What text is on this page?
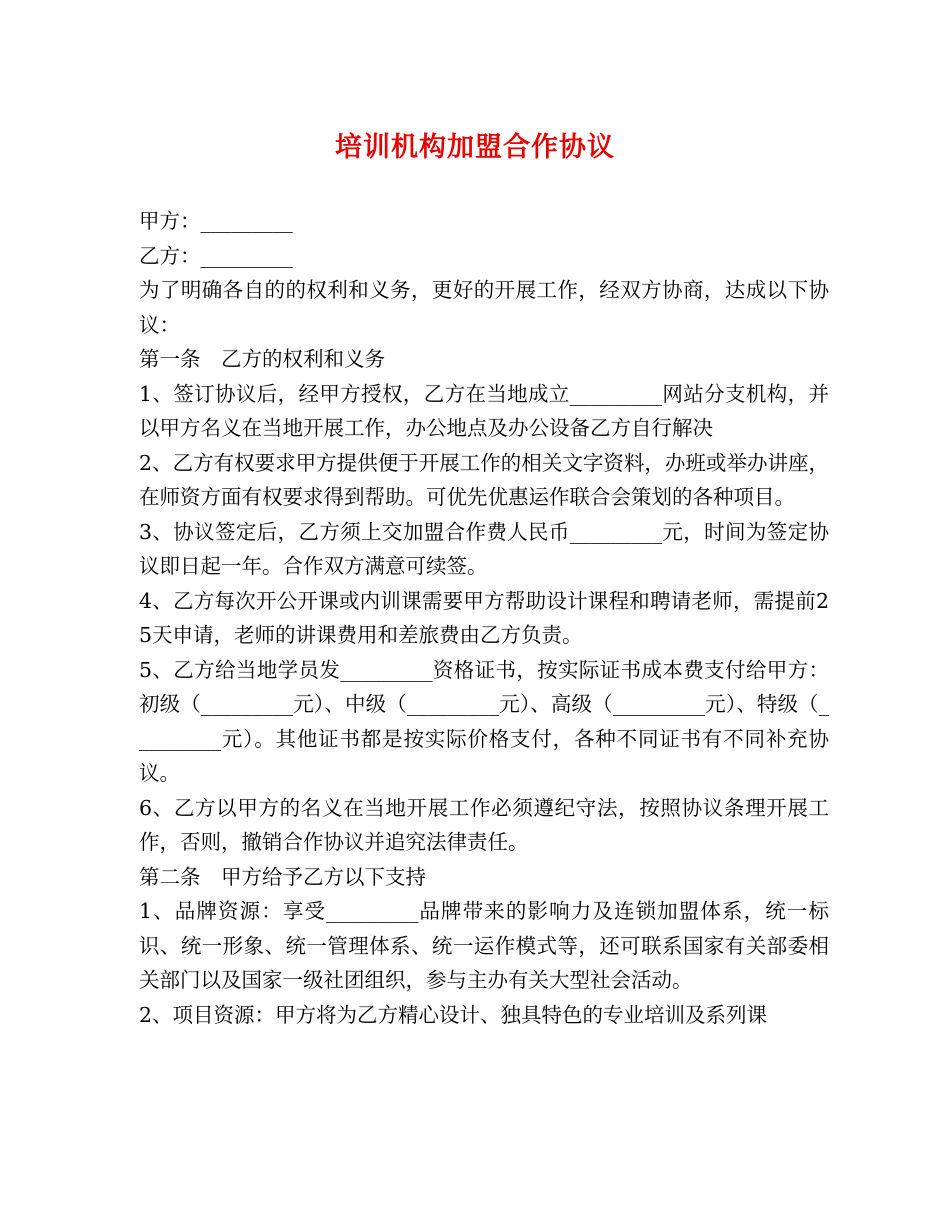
培训机构加盟合作协议

甲方：_________

乙方：_________

为了明确各自的的权利和义务，更好的开展工作，经双方协商，达成以下协议：

第一条　乙方的权利和义务

1、签订协议后，经甲方授权，乙方在当地成立_________网站分支机构，并以甲方名义在当地开展工作，办公地点及办公设备乙方自行解决

2、乙方有权要求甲方提供便于开展工作的相关文字资料，办班或举办讲座，在师资方面有权要求得到帮助。可优先优惠运作联合会策划的各种项目。

3、协议签定后，乙方须上交加盟合作费人民币_________元，时间为签定协议即日起一年。合作双方满意可续签。

4、乙方每次开公开课或内训课需要甲方帮助设计课程和聘请老师，需提前25天申请，老师的讲课费用和差旅费由乙方负责。

5、乙方给当地学员发_________资格证书，按实际证书成本费支付给甲方：初级（_________元）、中级（_________元）、高级（_________元）、特级（_________元）。其他证书都是按实际价格支付，各种不同证书有不同补充协议。

6、乙方以甲方的名义在当地开展工作必须遵纪守法，按照协议条理开展工作，否则，撤销合作协议并追究法律责任。

第二条　甲方给予乙方以下支持

1、品牌资源：享受_________品牌带来的影响力及连锁加盟体系，统一标识、统一形象、统一管理体系、统一运作模式等，还可联系国家有关部委相关部门以及国家一级社团组织，参与主办有关大型社会活动。

2、项目资源：甲方将为乙方精心设计、独具特色的专业培训及系列课
